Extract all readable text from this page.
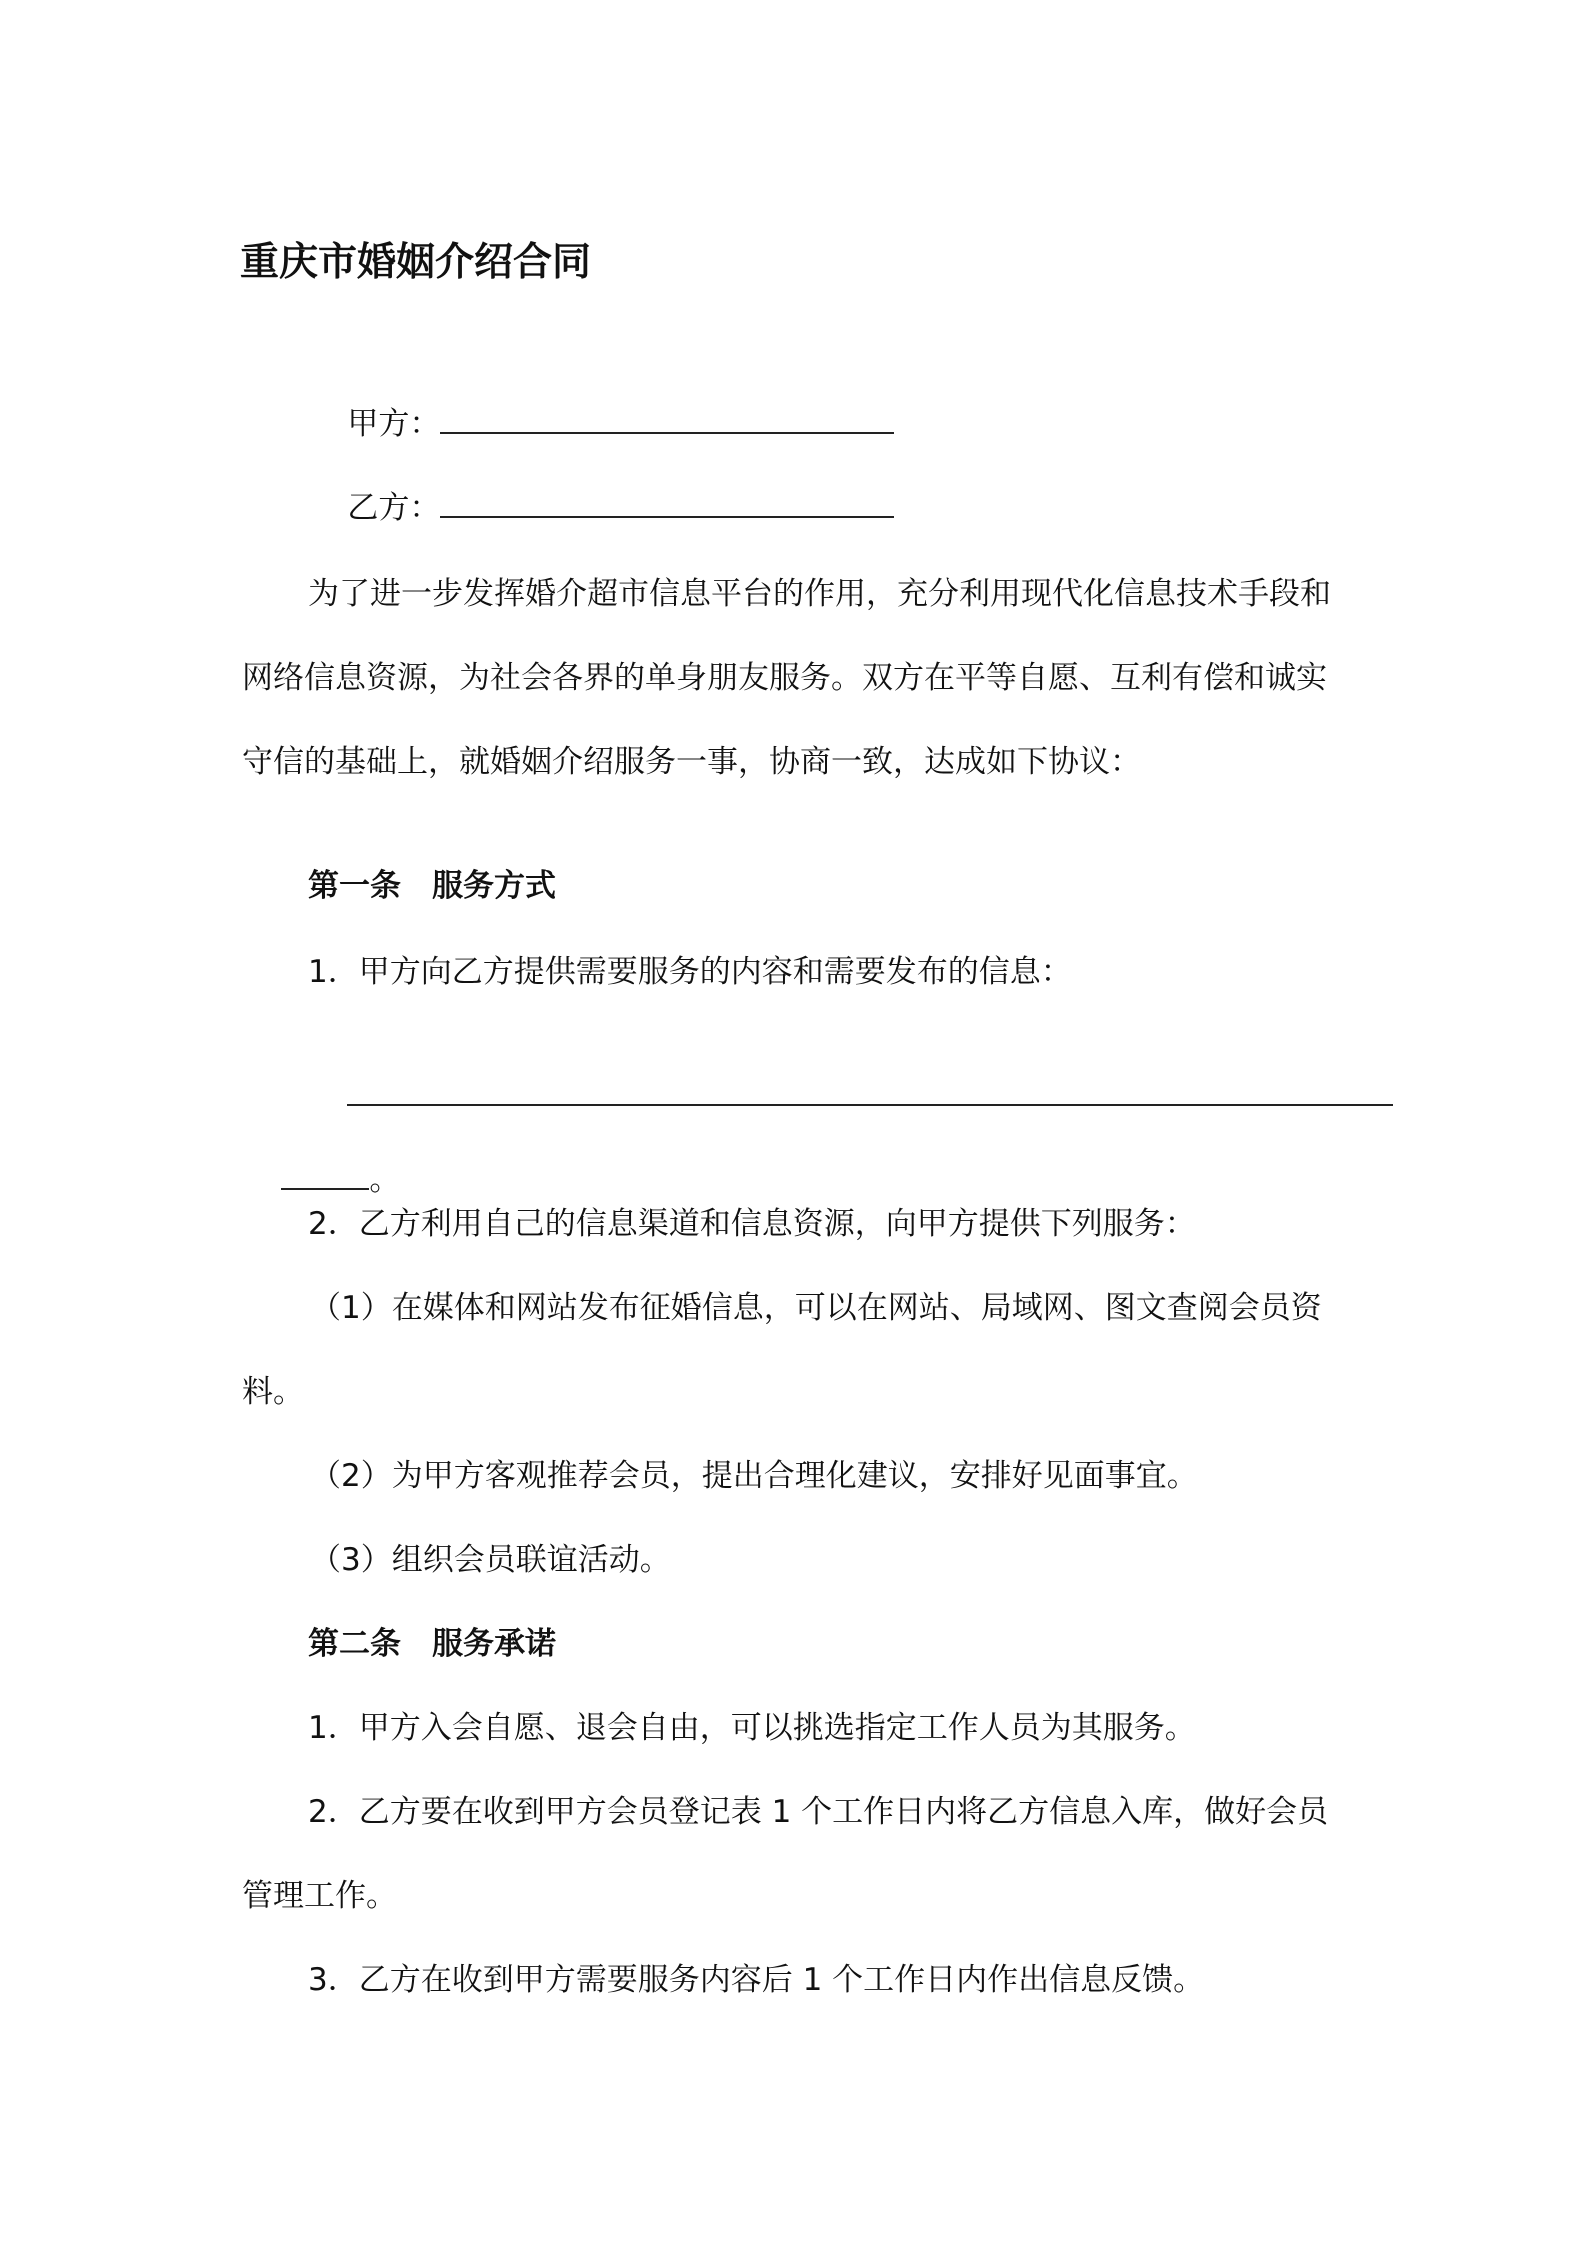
重庆市婚姻介绍合同

甲方：

乙方：

为了进一步发挥婚介超市信息平台的作用，充分利用现代化信息技术手段和
网络信息资源，为社会各界的单身朋友服务。双方在平等自愿、互利有偿和诚实
守信的基础上，就婚姻介绍服务一事，协商一致，达成如下协议：
第一条　服务方式
1．甲方向乙方提供需要服务的内容和需要发布的信息：

。

2．乙方利用自己的信息渠道和信息资源，向甲方提供下列服务：
（1）在媒体和网站发布征婚信息，可以在网站、局域网、图文查阅会员资
料。
（2）为甲方客观推荐会员，提出合理化建议，安排好见面事宜。
（3）组织会员联谊活动。
第二条　服务承诺
1．甲方入会自愿、退会自由，可以挑选指定工作人员为其服务。
2．乙方要在收到甲方会员登记表 1 个工作日内将乙方信息入库，做好会员
管理工作。
3．乙方在收到甲方需要服务内容后 1 个工作日内作出信息反馈。
